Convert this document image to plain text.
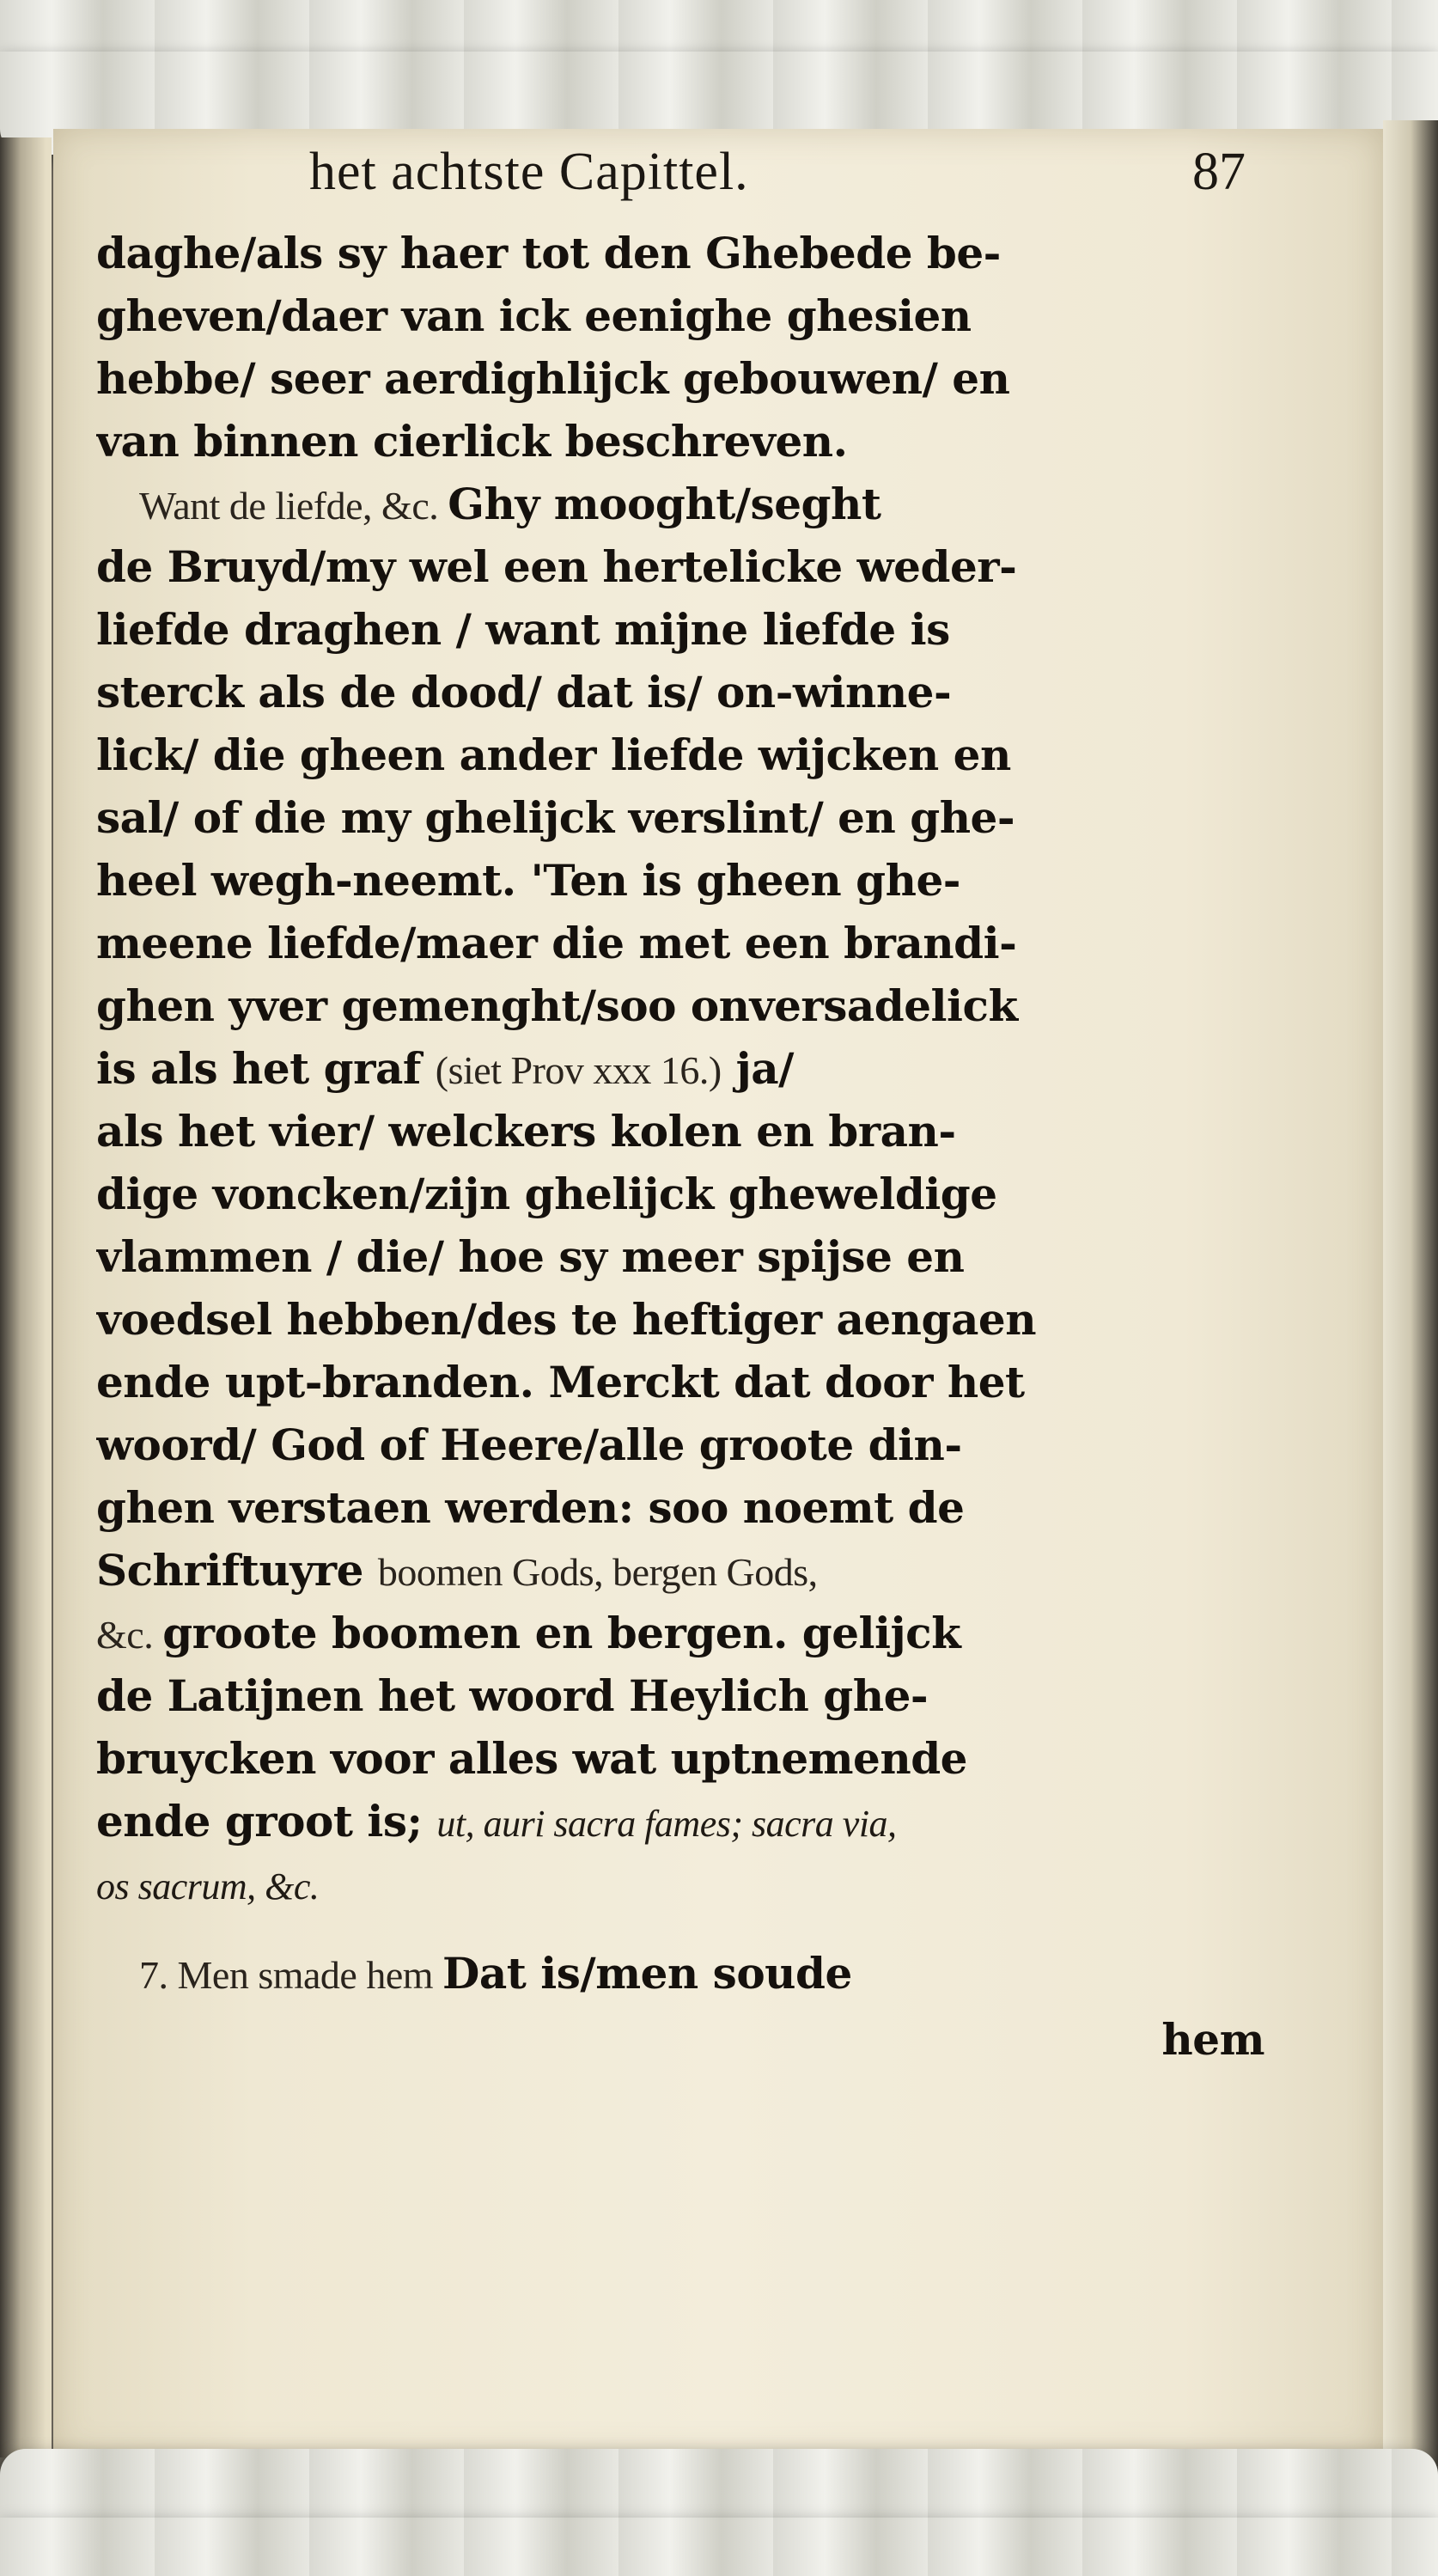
het achtste Capittel.	87
daghe/als sy haer tot den Ghebede be-
gheven/daer van ick eenighe ghesien
hebbe/ seer aerdighlijck gebouwen/ en
van binnen cierlick beschreven.
Want de liefde, &c. Ghy mooght/seght
de Bruyd/my wel een hertelicke weder-
liefde draghen / want mijne liefde is
sterck als de dood/ dat is/ on-winne-
lick/ die gheen ander liefde wijcken en
sal/ of die my ghelijck verslint/ en ghe-
heel wegh-neemt. 'Ten is gheen ghe-
meene liefde/maer die met een brandi-
ghen yver gemenght/soo onversadelick
is als het graf (siet Prov xxx 16.) ja/
als het vier/ welckers kolen en bran-
dige voncken/zijn ghelijck gheweldige
vlammen / die/ hoe sy meer spijse en
voedsel hebben/des te heftiger aengaen
ende upt-branden. Merckt dat door het
woord/ God of Heere/alle groote din-
ghen verstaen werden: soo noemt de
Schriftuyre boomen Gods, bergen Gods,
&c. groote boomen en bergen. gelijck
de Latijnen het woord Heylich ghe-
bruycken voor alles wat uptnemende
ende groot is; ut, auri sacra fames; sacra via,
os sacrum, &c.
7. Men smade hem Dat is/men soude
hem
